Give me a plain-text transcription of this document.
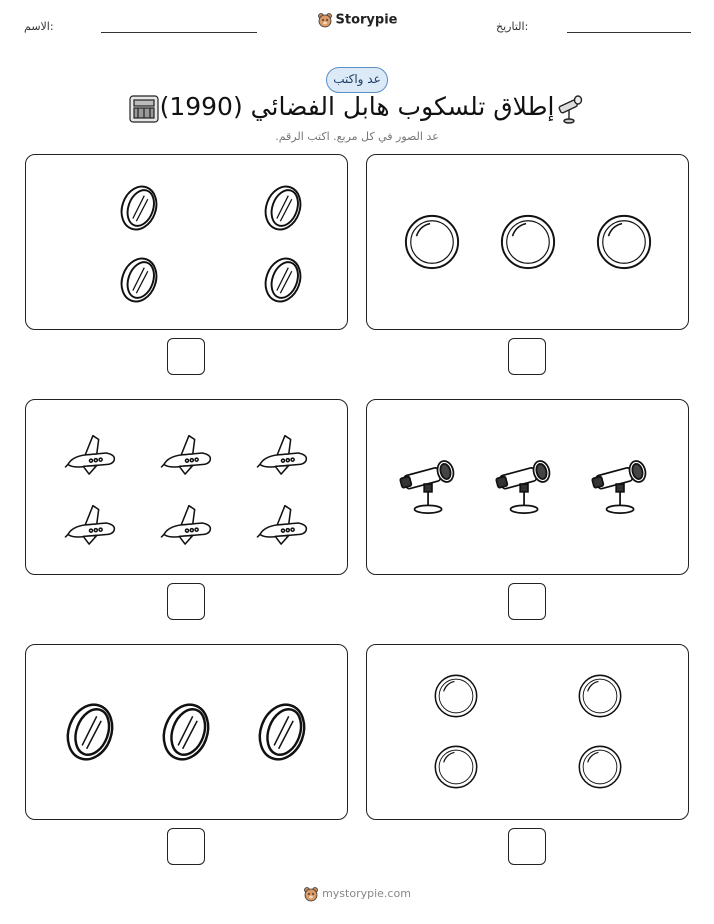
الاسم:	Storypie	التاريخ:
عد واكتب
إطلاق تلسكوب هابل الفضائي (1990)
عد الصور في كل مربع. اكتب الرقم.
mystorypie.com
